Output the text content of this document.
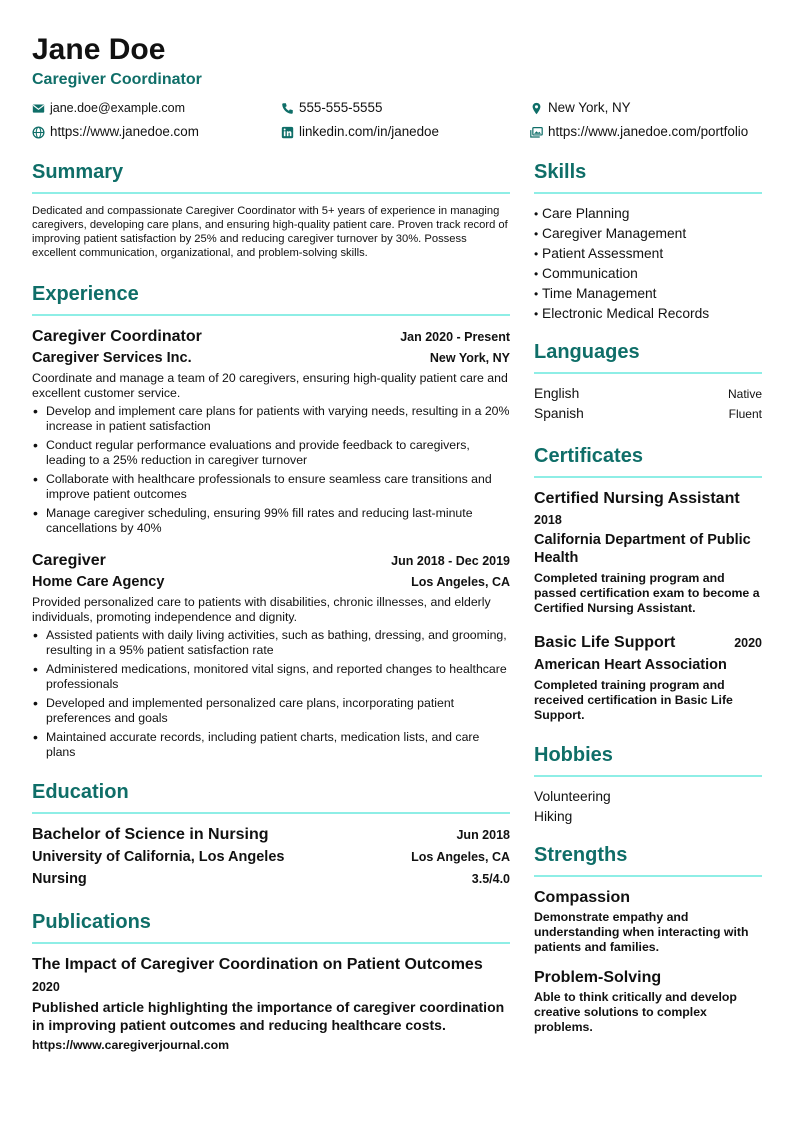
Jane Doe
Caregiver Coordinator
jane.doe@example.com	555-555-5555	New York, NY
https://www.janedoe.com	linkedin.com/in/janedoe	https://www.janedoe.com/portfolio
Summary

Dedicated and compassionate Caregiver Coordinator with 5+ years of experience in managing caregivers, developing care plans, and ensuring high-quality patient care. Proven track record of improving patient satisfaction by 25% and reducing caregiver turnover by 30%. Possess excellent communication, organizational, and problem-solving skills.

Experience
Caregiver Coordinator	Jan 2020 - Present
Caregiver Services Inc.	New York, NY

Coordinate and manage a team of 20 caregivers, ensuring high-quality patient care and excellent customer service.

• Develop and implement care plans for patients with varying needs, resulting in a 20% increase in patient satisfaction
• Conduct regular performance evaluations and provide feedback to caregivers, leading to a 25% reduction in caregiver turnover
• Collaborate with healthcare professionals to ensure seamless care transitions and improve patient outcomes
• Manage caregiver scheduling, ensuring 99% fill rates and reducing last-minute cancellations by 40%
Caregiver	Jun 2018 - Dec 2019
Home Care Agency	Los Angeles, CA

Provided personalized care to patients with disabilities, chronic illnesses, and elderly individuals, promoting independence and dignity.

• Assisted patients with daily living activities, such as bathing, dressing, and grooming, resulting in a 95% patient satisfaction rate
• Administered medications, monitored vital signs, and reported changes to healthcare professionals
• Developed and implemented personalized care plans, incorporating patient preferences and goals
• Maintained accurate records, including patient charts, medication lists, and care plans
Education
Bachelor of Science in Nursing	Jun 2018
University of California, Los Angeles	Los Angeles, CA
Nursing	3.5/4.0
Publications
The Impact of Caregiver Coordination on Patient Outcomes
2020
Published article highlighting the importance of caregiver coordination in improving patient outcomes and reducing healthcare costs.
https://www.caregiverjournal.com
Skills
• Care Planning
• Caregiver Management
• Patient Assessment
• Communication
• Time Management
• Electronic Medical Records
Languages
English	Native
Spanish	Fluent
Certificates
Certified Nursing Assistant
2018
California Department of Public Health
Completed training program and passed certification exam to become a Certified Nursing Assistant.
Basic Life Support	2020
American Heart Association
Completed training program and received certification in Basic Life Support.
Hobbies
Volunteering
Hiking
Strengths
Compassion
Demonstrate empathy and understanding when interacting with patients and families.
Problem-Solving
Able to think critically and develop creative solutions to complex problems.
